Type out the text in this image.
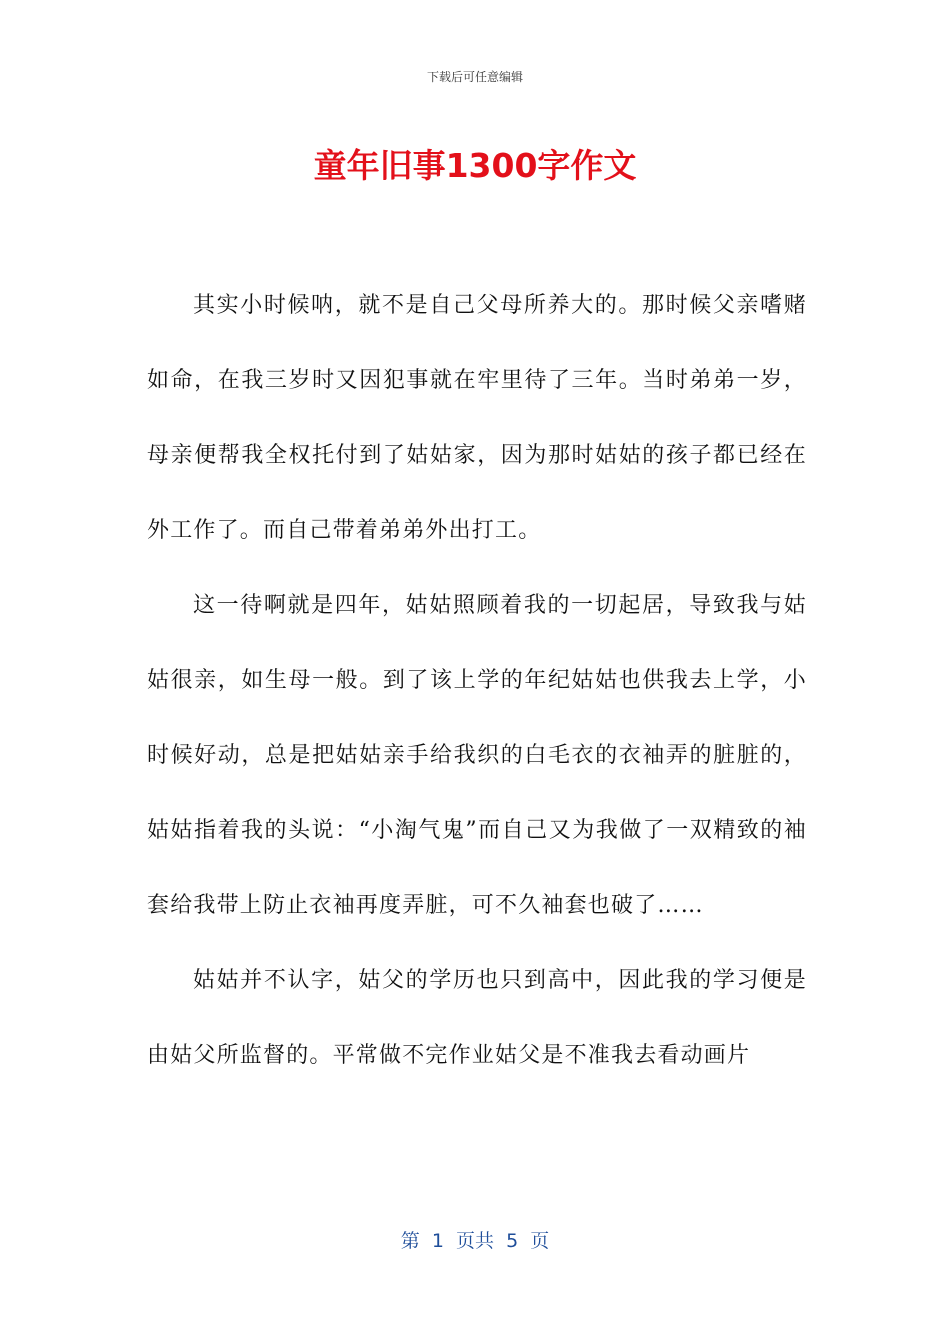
下载后可任意编辑
童年旧事1300字作文

其实小时候呐，就不是自己父母所养大的。那时候父亲嗜赌如命，在我三岁时又因犯事就在牢里待了三年。当时弟弟一岁，母亲便帮我全权托付到了姑姑家，因为那时姑姑的孩子都已经在外工作了。而自己带着弟弟外出打工。

这一待啊就是四年，姑姑照顾着我的一切起居，导致我与姑姑很亲，如生母一般。到了该上学的年纪姑姑也供我去上学，小时候好动，总是把姑姑亲手给我织的白毛衣的衣袖弄的脏脏的，姑姑指着我的头说：“小淘气鬼”而自己又为我做了一双精致的袖套给我带上防止衣袖再度弄脏，可不久袖套也破了……

姑姑并不认字，姑父的学历也只到高中，因此我的学习便是由姑父所监督的。平常做不完作业姑父是不准我去看动画片

第  1  页共  5  页
